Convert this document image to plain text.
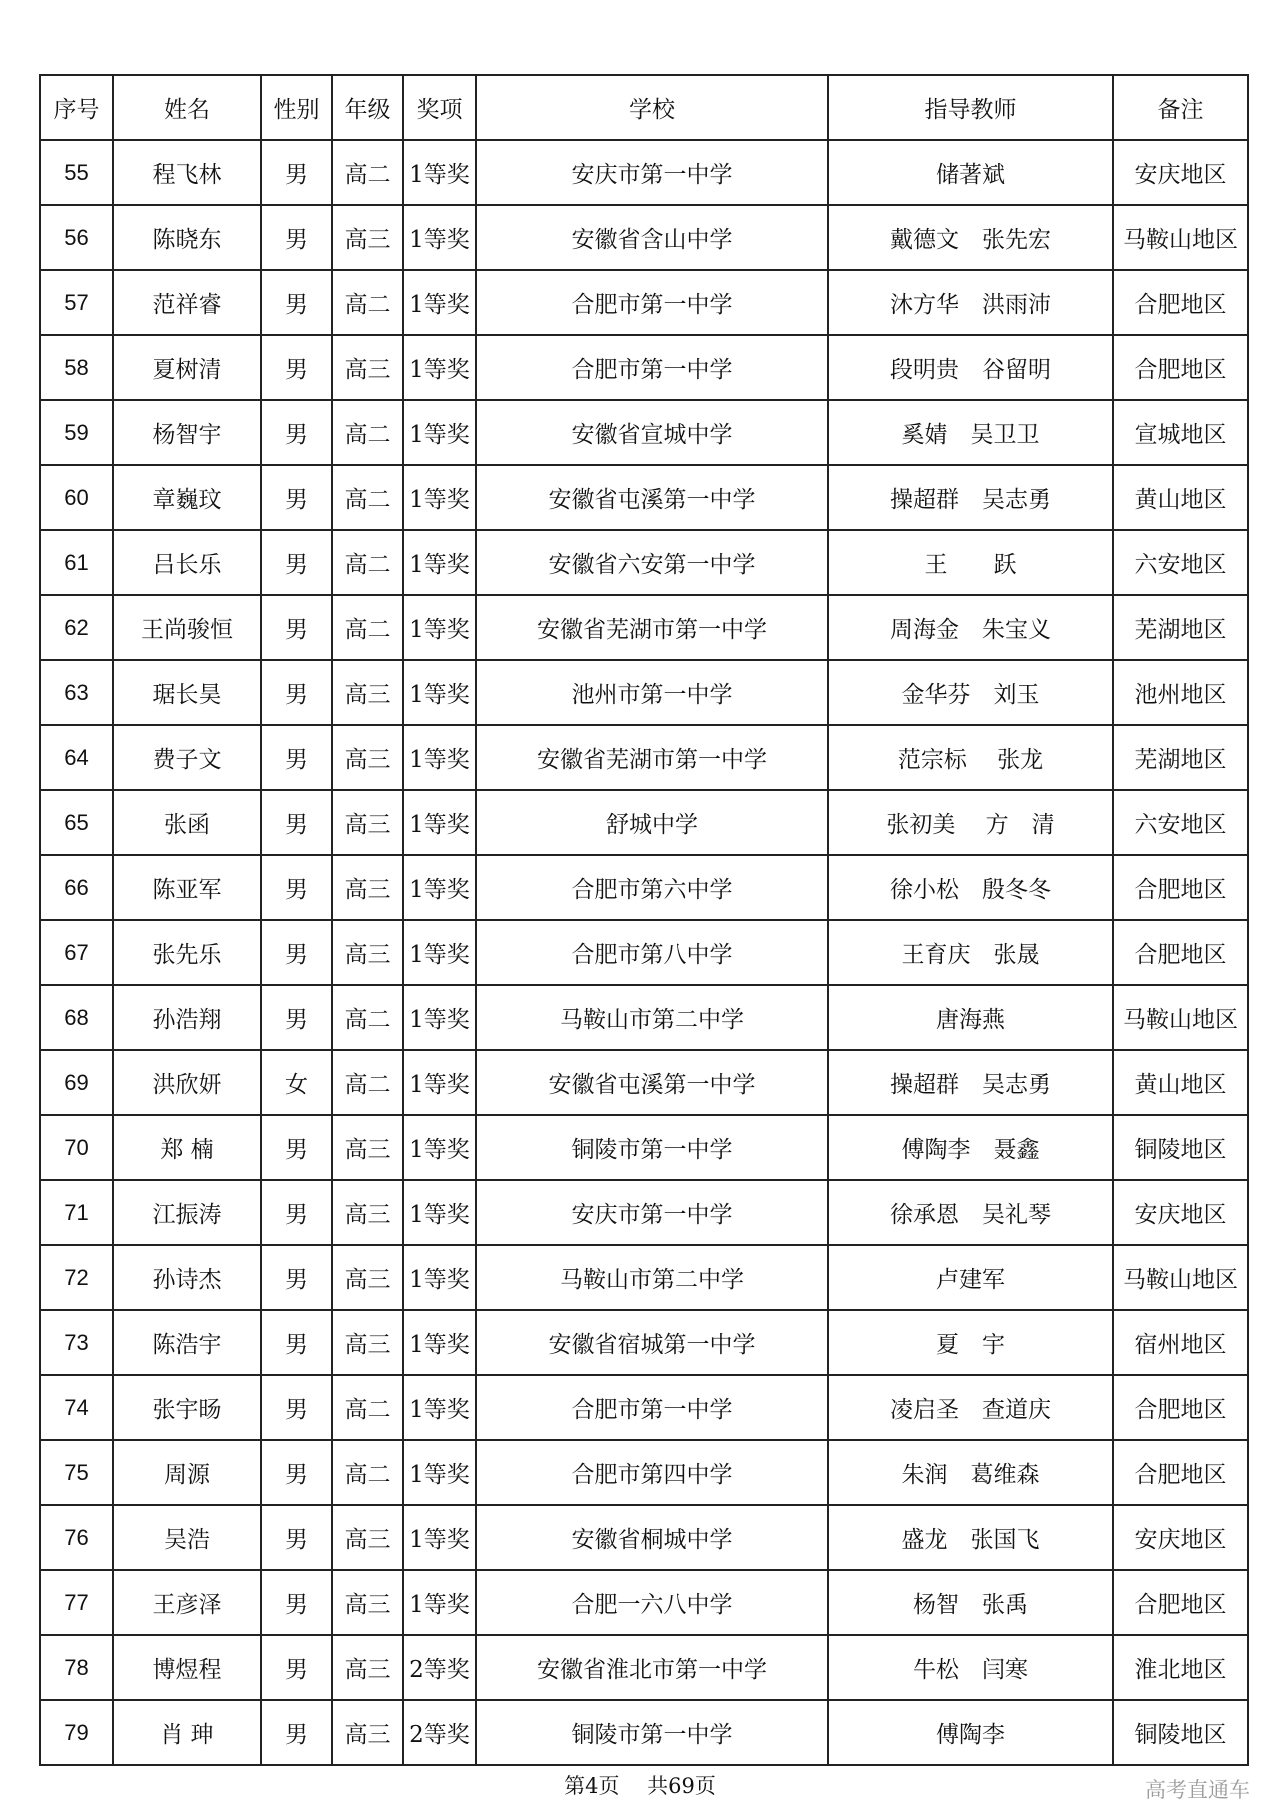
序号	姓名	性别	年级	奖项	学校	指导教师	备注
55	程飞林	男	高二	1等奖	安庆市第一中学	储著斌	安庆地区
56	陈晓东	男	高三	1等奖	安徽省含山中学	戴德文　张先宏	马鞍山地区
57	范祥睿	男	高二	1等奖	合肥市第一中学	沐方华　洪雨沛	合肥地区
58	夏树清	男	高三	1等奖	合肥市第一中学	段明贵　谷留明	合肥地区
59	杨智宇	男	高二	1等奖	安徽省宣城中学	奚婧　吴卫卫	宣城地区
60	章巍玟	男	高二	1等奖	安徽省屯溪第一中学	操超群　吴志勇	黄山地区
61	吕长乐	男	高二	1等奖	安徽省六安第一中学	王　　跃	六安地区
62	王尚骏恒	男	高二	1等奖	安徽省芜湖市第一中学	周海金　朱宝义	芜湖地区
63	琚长昊	男	高三	1等奖	池州市第一中学	金华芬　刘玉	池州地区
64	费子文	男	高三	1等奖	安徽省芜湖市第一中学	范宗标　 张龙	芜湖地区
65	张函	男	高三	1等奖	舒城中学	张初美　 方　清	六安地区
66	陈亚军	男	高三	1等奖	合肥市第六中学	徐小松　殷冬冬	合肥地区
67	张先乐	男	高三	1等奖	合肥市第八中学	王育庆　张晟	合肥地区
68	孙浩翔	男	高二	1等奖	马鞍山市第二中学	唐海燕	马鞍山地区
69	洪欣妍	女	高二	1等奖	安徽省屯溪第一中学	操超群　吴志勇	黄山地区
70	郑 楠	男	高三	1等奖	铜陵市第一中学	傅陶李　聂鑫	铜陵地区
71	江振涛	男	高三	1等奖	安庆市第一中学	徐承恩　吴礼琴	安庆地区
72	孙诗杰	男	高三	1等奖	马鞍山市第二中学	卢建军	马鞍山地区
73	陈浩宇	男	高三	1等奖	安徽省宿城第一中学	夏　宇	宿州地区
74	张宇旸	男	高二	1等奖	合肥市第一中学	凌启圣　查道庆	合肥地区
75	周源	男	高二	1等奖	合肥市第四中学	朱润　葛维森	合肥地区
76	吴浩	男	高三	1等奖	安徽省桐城中学	盛龙　张国飞	安庆地区
77	王彦泽	男	高三	1等奖	合肥一六八中学	杨智　张禹	合肥地区
78	博煜程	男	高三	2等奖	安徽省淮北市第一中学	牛松　闫寒	淮北地区
79	肖 珅	男	高三	2等奖	铜陵市第一中学	傅陶李	铜陵地区
第4页　 共69页	高考直通车
